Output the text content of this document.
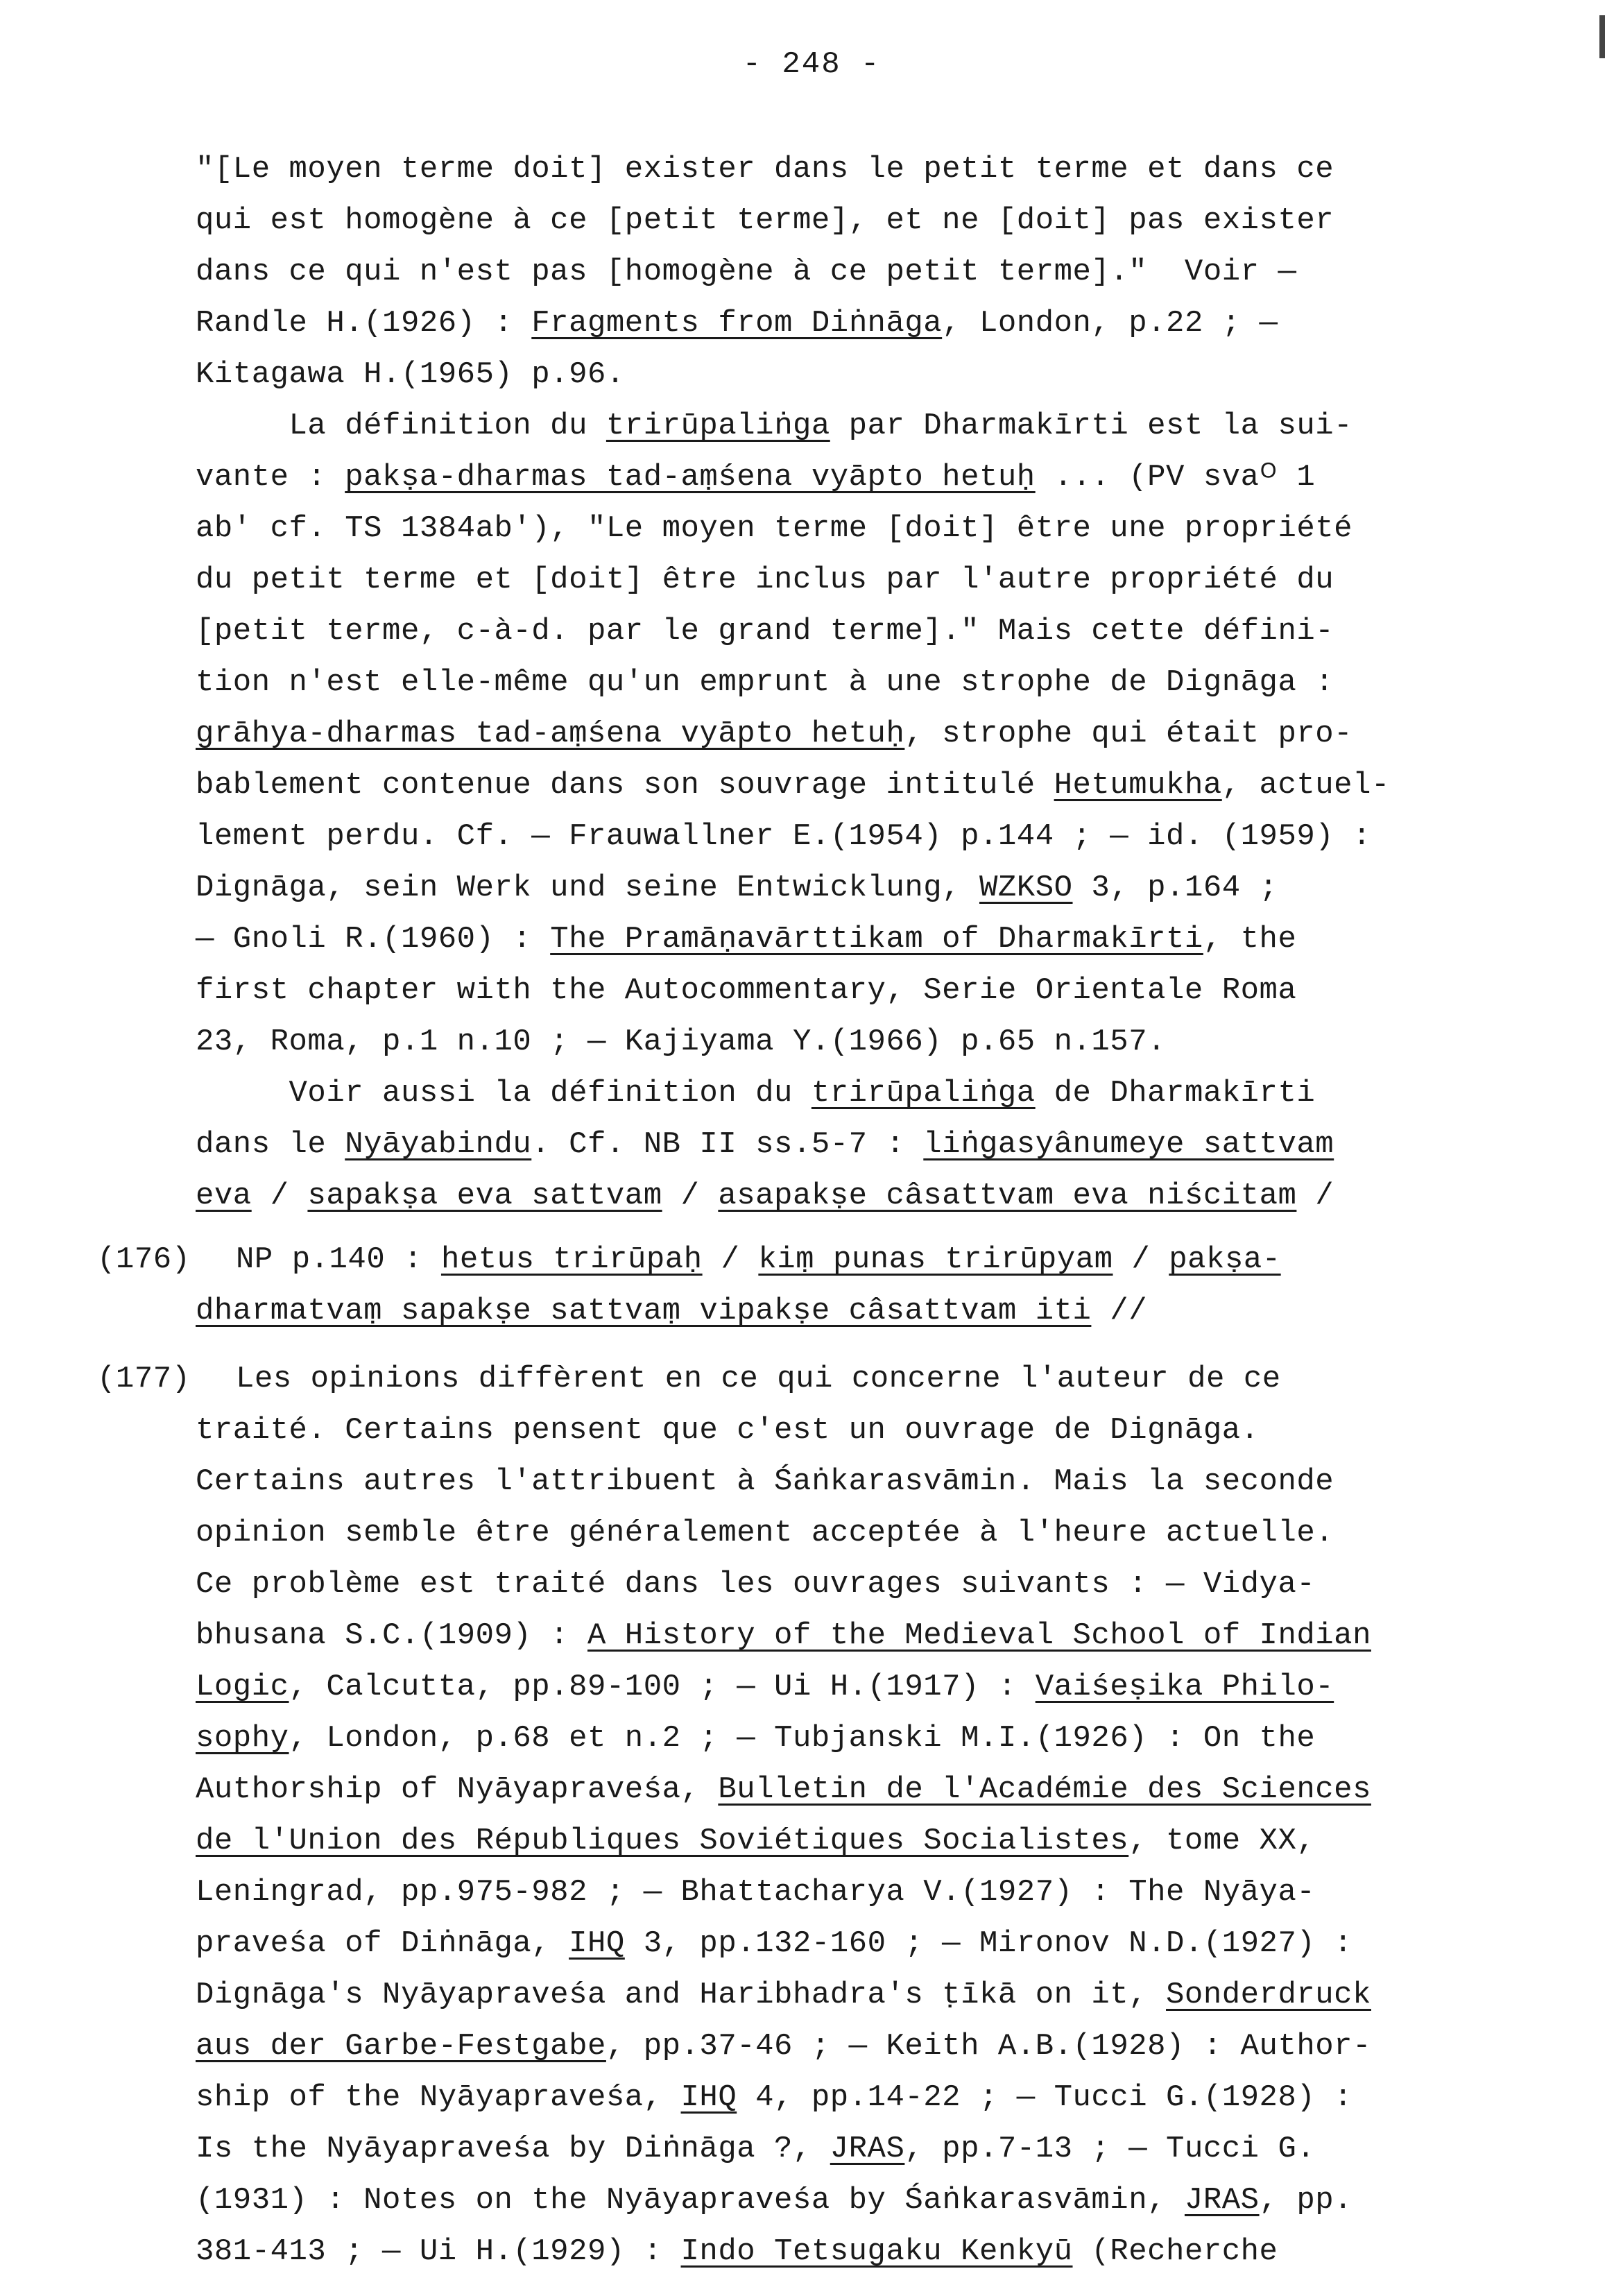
- 248 -
"[Le moyen terme doit] exister dans le petit terme et dans ce
qui est homogène à ce [petit terme], et ne [doit] pas exister
dans ce qui n'est pas [homogène à ce petit terme]."  Voir —
Randle H.(1926) : Fragments from Diṅnāga, London, p.22 ; —
Kitagawa H.(1965) p.96.
La définition du trirūpaliṅga par Dharmakīrti est la sui-
vante : pakṣa-dharmas tad-aṃśena vyāpto hetuḥ ... (PV svaᴼ 1
ab' cf. TS 1384ab'), "Le moyen terme [doit] être une propriété
du petit terme et [doit] être inclus par l'autre propriété du
[petit terme, c-à-d. par le grand terme]." Mais cette défini-
tion n'est elle-même qu'un emprunt à une strophe de Dignāga :
grāhya-dharmas tad-aṃśena vyāpto hetuḥ, strophe qui était pro-
bablement contenue dans son souvrage intitulé Hetumukha, actuel-
lement perdu. Cf. — Frauwallner E.(1954) p.144 ; — id. (1959) :
Dignāga, sein Werk und seine Entwicklung, WZKSO 3, p.164 ;
— Gnoli R.(1960) : The Pramāṇavārttikam of Dharmakīrti, the
first chapter with the Autocommentary, Serie Orientale Roma
23, Roma, p.1 n.10 ; — Kajiyama Y.(1966) p.65 n.157.
Voir aussi la définition du trirūpaliṅga de Dharmakīrti
dans le Nyāyabindu. Cf. NB II ss.5-7 : liṅgasyânumeye sattvam
eva / sapakṣa eva sattvam / asapakṣe câsattvam eva niścitam /
(176) NP p.140 : hetus trirūpaḥ / kiṃ punas trirūpyam / pakṣa-
dharmatvaṃ sapakṣe sattvaṃ vipakṣe câsattvam iti //
(177) Les opinions diffèrent en ce qui concerne l'auteur de ce
traité. Certains pensent que c'est un ouvrage de Dignāga.
Certains autres l'attribuent à Śaṅkarasvāmin. Mais la seconde
opinion semble être généralement acceptée à l'heure actuelle.
Ce problème est traité dans les ouvrages suivants : — Vidya-
bhusana S.C.(1909) : A History of the Medieval School of Indian
Logic, Calcutta, pp.89-100 ; — Ui H.(1917) : Vaiśeṣika Philo-
sophy, London, p.68 et n.2 ; — Tubjanski M.I.(1926) : On the
Authorship of Nyāyapraveśa, Bulletin de l'Académie des Sciences
de l'Union des Républiques Soviétiques Socialistes, tome XX,
Leningrad, pp.975-982 ; — Bhattacharya V.(1927) : The Nyāya-
praveśa of Diṅnāga, IHQ 3, pp.132-160 ; — Mironov N.D.(1927) :
Dignāga's Nyāyapraveśa and Haribhadra's ṭīkā on it, Sonderdruck
aus der Garbe-Festgabe, pp.37-46 ; — Keith A.B.(1928) : Author-
ship of the Nyāyapraveśa, IHQ 4, pp.14-22 ; — Tucci G.(1928) :
Is the Nyāyapraveśa by Diṅnāga ?, JRAS, pp.7-13 ; — Tucci G.
(1931) : Notes on the Nyāyapraveśa by Śaṅkarasvāmin, JRAS, pp.
381-413 ; — Ui H.(1929) : Indo Tetsugaku Kenkyū (Recherche
